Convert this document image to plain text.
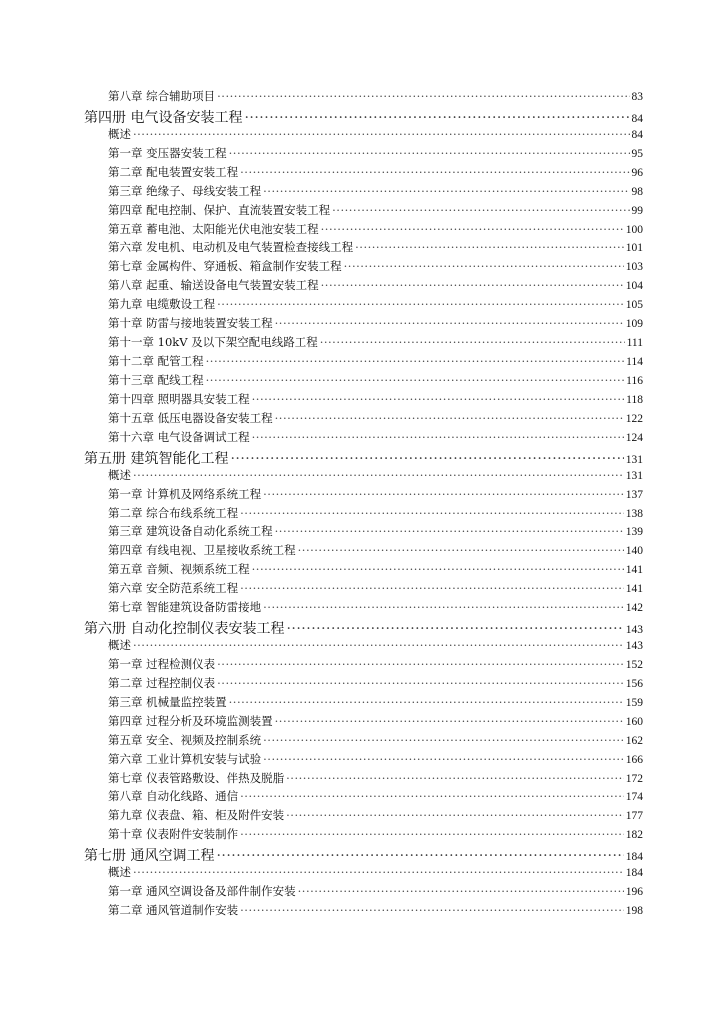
第八章 综合辅助项目 ·····	83
第四册 电气设备安装工程 ·····	84
概述 ·····	84
第一章 变压器安装工程 ·····	95
第二章 配电装置安装工程 ·····	96
第三章 绝缘子、母线安装工程 ·····	98
第四章 配电控制、保护、直流装置安装工程 ·····	99
第五章 蓄电池、太阳能光伏电池安装工程 ·····	100
第六章 发电机、电动机及电气装置检查接线工程 ·····	101
第七章 金属构件、穿通板、箱盒制作安装工程 ·····	103
第八章 起重、输送设备电气装置安装工程 ·····	104
第九章 电缆敷设工程 ·····	105
第十章 防雷与接地装置安装工程 ·····	109
第十一章 10kV 及以下架空配电线路工程 ·····	111
第十二章 配管工程 ·····	114
第十三章 配线工程 ·····	116
第十四章 照明器具安装工程 ·····	118
第十五章 低压电器设备安装工程 ·····	122
第十六章 电气设备调试工程 ·····	124
第五册 建筑智能化工程 ·····	131
概述 ·····	131
第一章 计算机及网络系统工程 ·····	137
第二章 综合布线系统工程 ·····	138
第三章 建筑设备自动化系统工程 ·····	139
第四章 有线电视、卫星接收系统工程 ·····	140
第五章 音频、视频系统工程 ·····	141
第六章 安全防范系统工程 ·····	141
第七章 智能建筑设备防雷接地 ·····	142
第六册 自动化控制仪表安装工程 ·····	143
概述 ·····	143
第一章 过程检测仪表 ·····	152
第二章 过程控制仪表 ·····	156
第三章 机械量监控装置 ·····	159
第四章 过程分析及环境监测装置 ·····	160
第五章 安全、视频及控制系统 ·····	162
第六章 工业计算机安装与试验 ·····	166
第七章 仪表管路敷设、伴热及脱脂 ·····	172
第八章 自动化线路、通信 ·····	174
第九章 仪表盘、箱、柜及附件安装 ·····	177
第十章 仪表附件安装制作 ·····	182
第七册 通风空调工程 ·····	184
概述 ·····	184
第一章 通风空调设备及部件制作安装 ·····	196
第二章 通风管道制作安装 ·····	198
